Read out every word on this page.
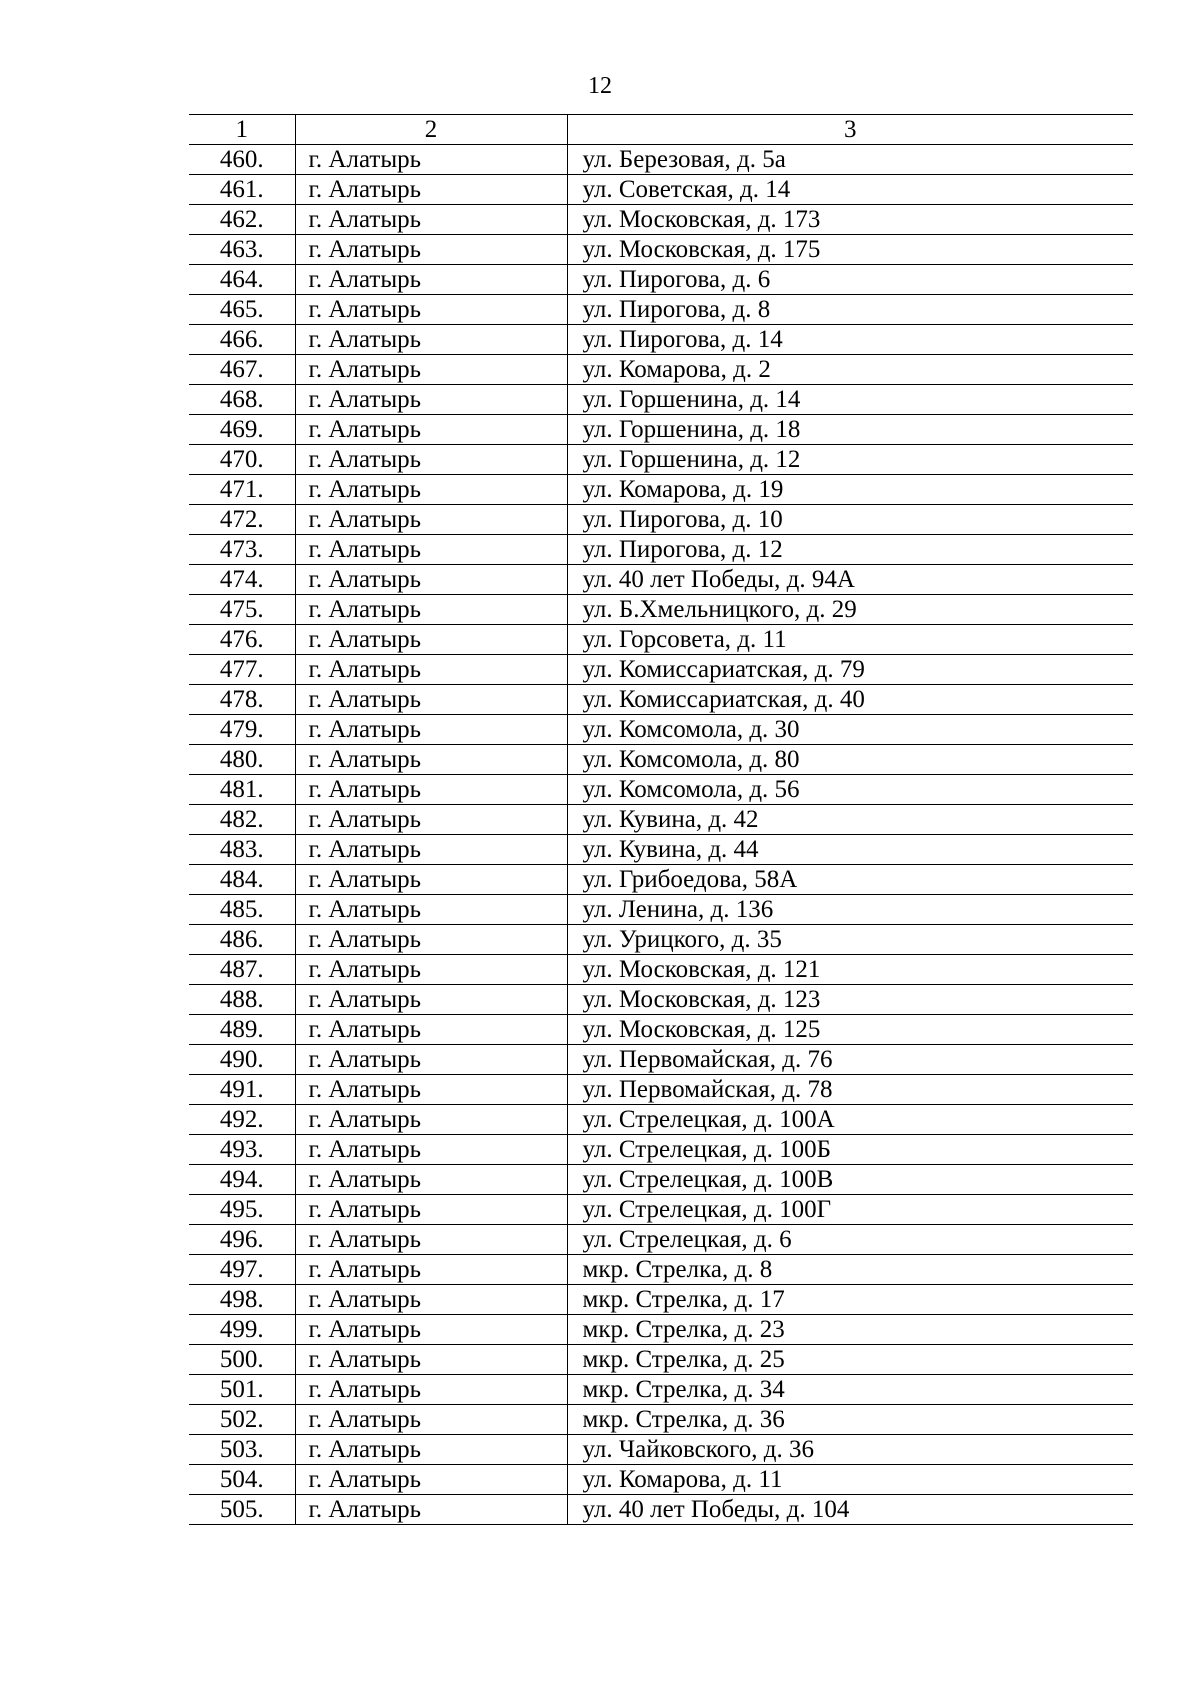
12
1	2	3
460.	г. Алатырь	ул. Березовая, д. 5а
461.	г. Алатырь	ул. Советская, д. 14
462.	г. Алатырь	ул. Московская, д. 173
463.	г. Алатырь	ул. Московская, д. 175
464.	г. Алатырь	ул. Пирогова, д. 6
465.	г. Алатырь	ул. Пирогова, д. 8
466.	г. Алатырь	ул. Пирогова, д. 14
467.	г. Алатырь	ул. Комарова, д. 2
468.	г. Алатырь	ул. Горшенина, д. 14
469.	г. Алатырь	ул. Горшенина, д. 18
470.	г. Алатырь	ул. Горшенина, д. 12
471.	г. Алатырь	ул. Комарова, д. 19
472.	г. Алатырь	ул. Пирогова, д. 10
473.	г. Алатырь	ул. Пирогова, д. 12
474.	г. Алатырь	ул. 40 лет Победы, д. 94А
475.	г. Алатырь	ул. Б.Хмельницкого, д. 29
476.	г. Алатырь	ул. Горсовета, д. 11
477.	г. Алатырь	ул. Комиссариатская, д. 79
478.	г. Алатырь	ул. Комиссариатская, д. 40
479.	г. Алатырь	ул. Комсомола, д. 30
480.	г. Алатырь	ул. Комсомола, д. 80
481.	г. Алатырь	ул. Комсомола, д. 56
482.	г. Алатырь	ул. Кувина, д. 42
483.	г. Алатырь	ул. Кувина, д. 44
484.	г. Алатырь	ул. Грибоедова, 58А
485.	г. Алатырь	ул. Ленина, д. 136
486.	г. Алатырь	ул. Урицкого, д. 35
487.	г. Алатырь	ул. Московская, д. 121
488.	г. Алатырь	ул. Московская, д. 123
489.	г. Алатырь	ул. Московская, д. 125
490.	г. Алатырь	ул. Первомайская, д. 76
491.	г. Алатырь	ул. Первомайская, д. 78
492.	г. Алатырь	ул. Стрелецкая, д. 100А
493.	г. Алатырь	ул. Стрелецкая, д. 100Б
494.	г. Алатырь	ул. Стрелецкая, д. 100В
495.	г. Алатырь	ул. Стрелецкая, д. 100Г
496.	г. Алатырь	ул. Стрелецкая, д. 6
497.	г. Алатырь	мкр. Стрелка, д. 8
498.	г. Алатырь	мкр. Стрелка, д. 17
499.	г. Алатырь	мкр. Стрелка, д. 23
500.	г. Алатырь	мкр. Стрелка, д. 25
501.	г. Алатырь	мкр. Стрелка, д. 34
502.	г. Алатырь	мкр. Стрелка, д. 36
503.	г. Алатырь	ул. Чайковского, д. 36
504.	г. Алатырь	ул. Комарова, д. 11
505.	г. Алатырь	ул. 40 лет Победы, д. 104
